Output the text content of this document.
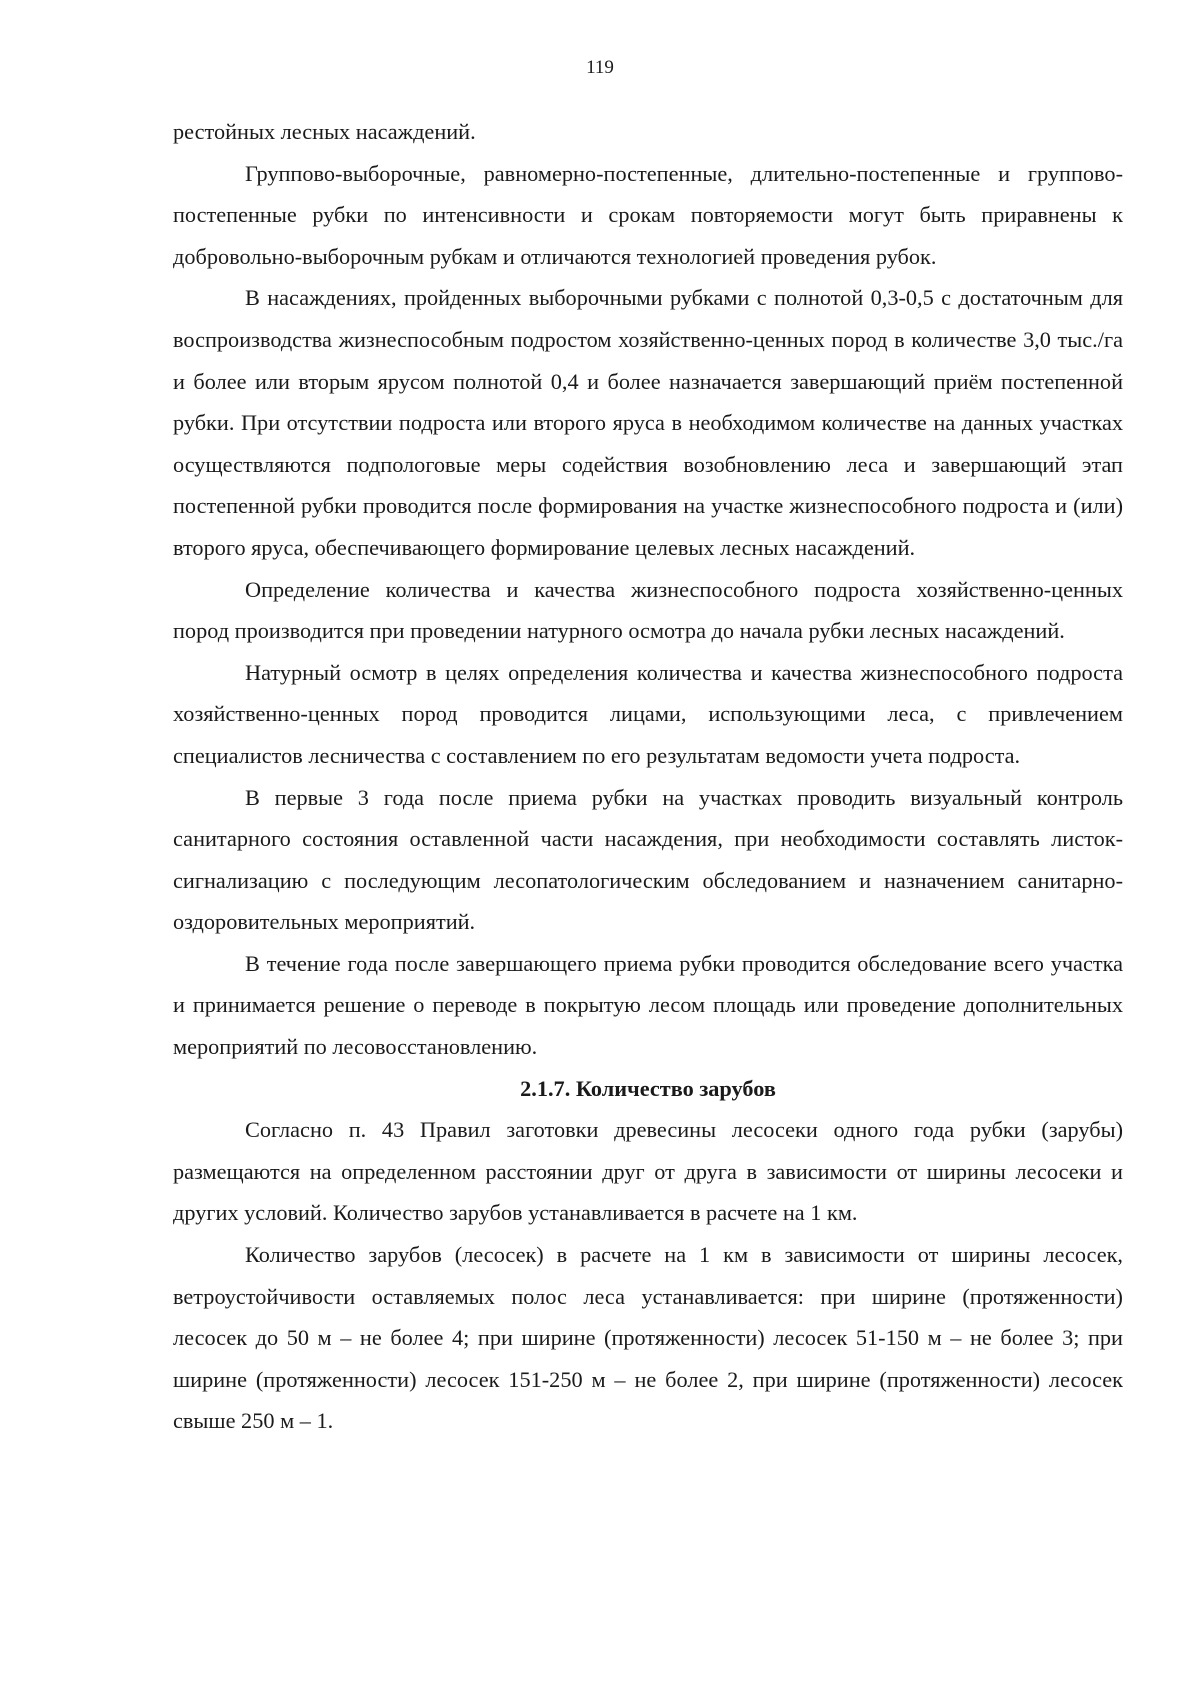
119

рестойных лесных насаждений.

Группово-выборочные, равномерно-постепенные, длительно-постепенные и группово-постепенные рубки по интенсивности и срокам повторяемости могут быть приравнены к добровольно-выборочным рубкам и отличаются технологией проведения рубок.

В насаждениях, пройденных выборочными рубками с полнотой 0,3-0,5 с достаточным для воспроизводства жизнеспособным подростом хозяйственно-ценных пород в количестве 3,0 тыс./га и более или вторым ярусом полнотой 0,4 и более назначается завершающий приём постепенной рубки. При отсутствии подроста или второго яруса в необходимом количестве на данных участках осуществляются подпологовые меры содействия возобновлению леса и завершающий этап постепенной рубки проводится после формирования на участке жизнеспособного подроста и (или) второго яруса, обеспечивающего формирование целевых лесных насаждений.

Определение количества и качества жизнеспособного подроста хозяйственно-ценных пород производится при проведении натурного осмотра до начала рубки лесных насаждений.

Натурный осмотр в целях определения количества и качества жизнеспособного подроста хозяйственно-ценных пород проводится лицами, использующими леса, с привлечением специалистов лесничества с составлением по его результатам ведомости учета подроста.

В первые 3 года после приема рубки на участках проводить визуальный контроль санитарного состояния оставленной части насаждения, при необходимости составлять листок-сигнализацию с последующим лесопатологическим обследованием и назначением санитарно-оздоровительных мероприятий.

В течение года после завершающего приема рубки проводится обследование всего участка и принимается решение о переводе в покрытую лесом площадь или проведение дополнительных мероприятий по лесовосстановлению.

2.1.7. Количество зарубов

Согласно п. 43 Правил заготовки древесины лесосеки одного года рубки (зарубы) размещаются на определенном расстоянии друг от друга в зависимости от ширины лесосеки и других условий. Количество зарубов устанавливается в расчете на 1 км.

Количество зарубов (лесосек) в расчете на 1 км в зависимости от ширины лесосек, ветроустойчивости оставляемых полос леса устанавливается: при ширине (протяженности) лесосек до 50 м – не более 4; при ширине (протяженности) лесосек 51-150 м – не более 3; при ширине (протяженности) лесосек 151-250 м – не более 2, при ширине (протяженности) лесосек свыше 250 м – 1.
